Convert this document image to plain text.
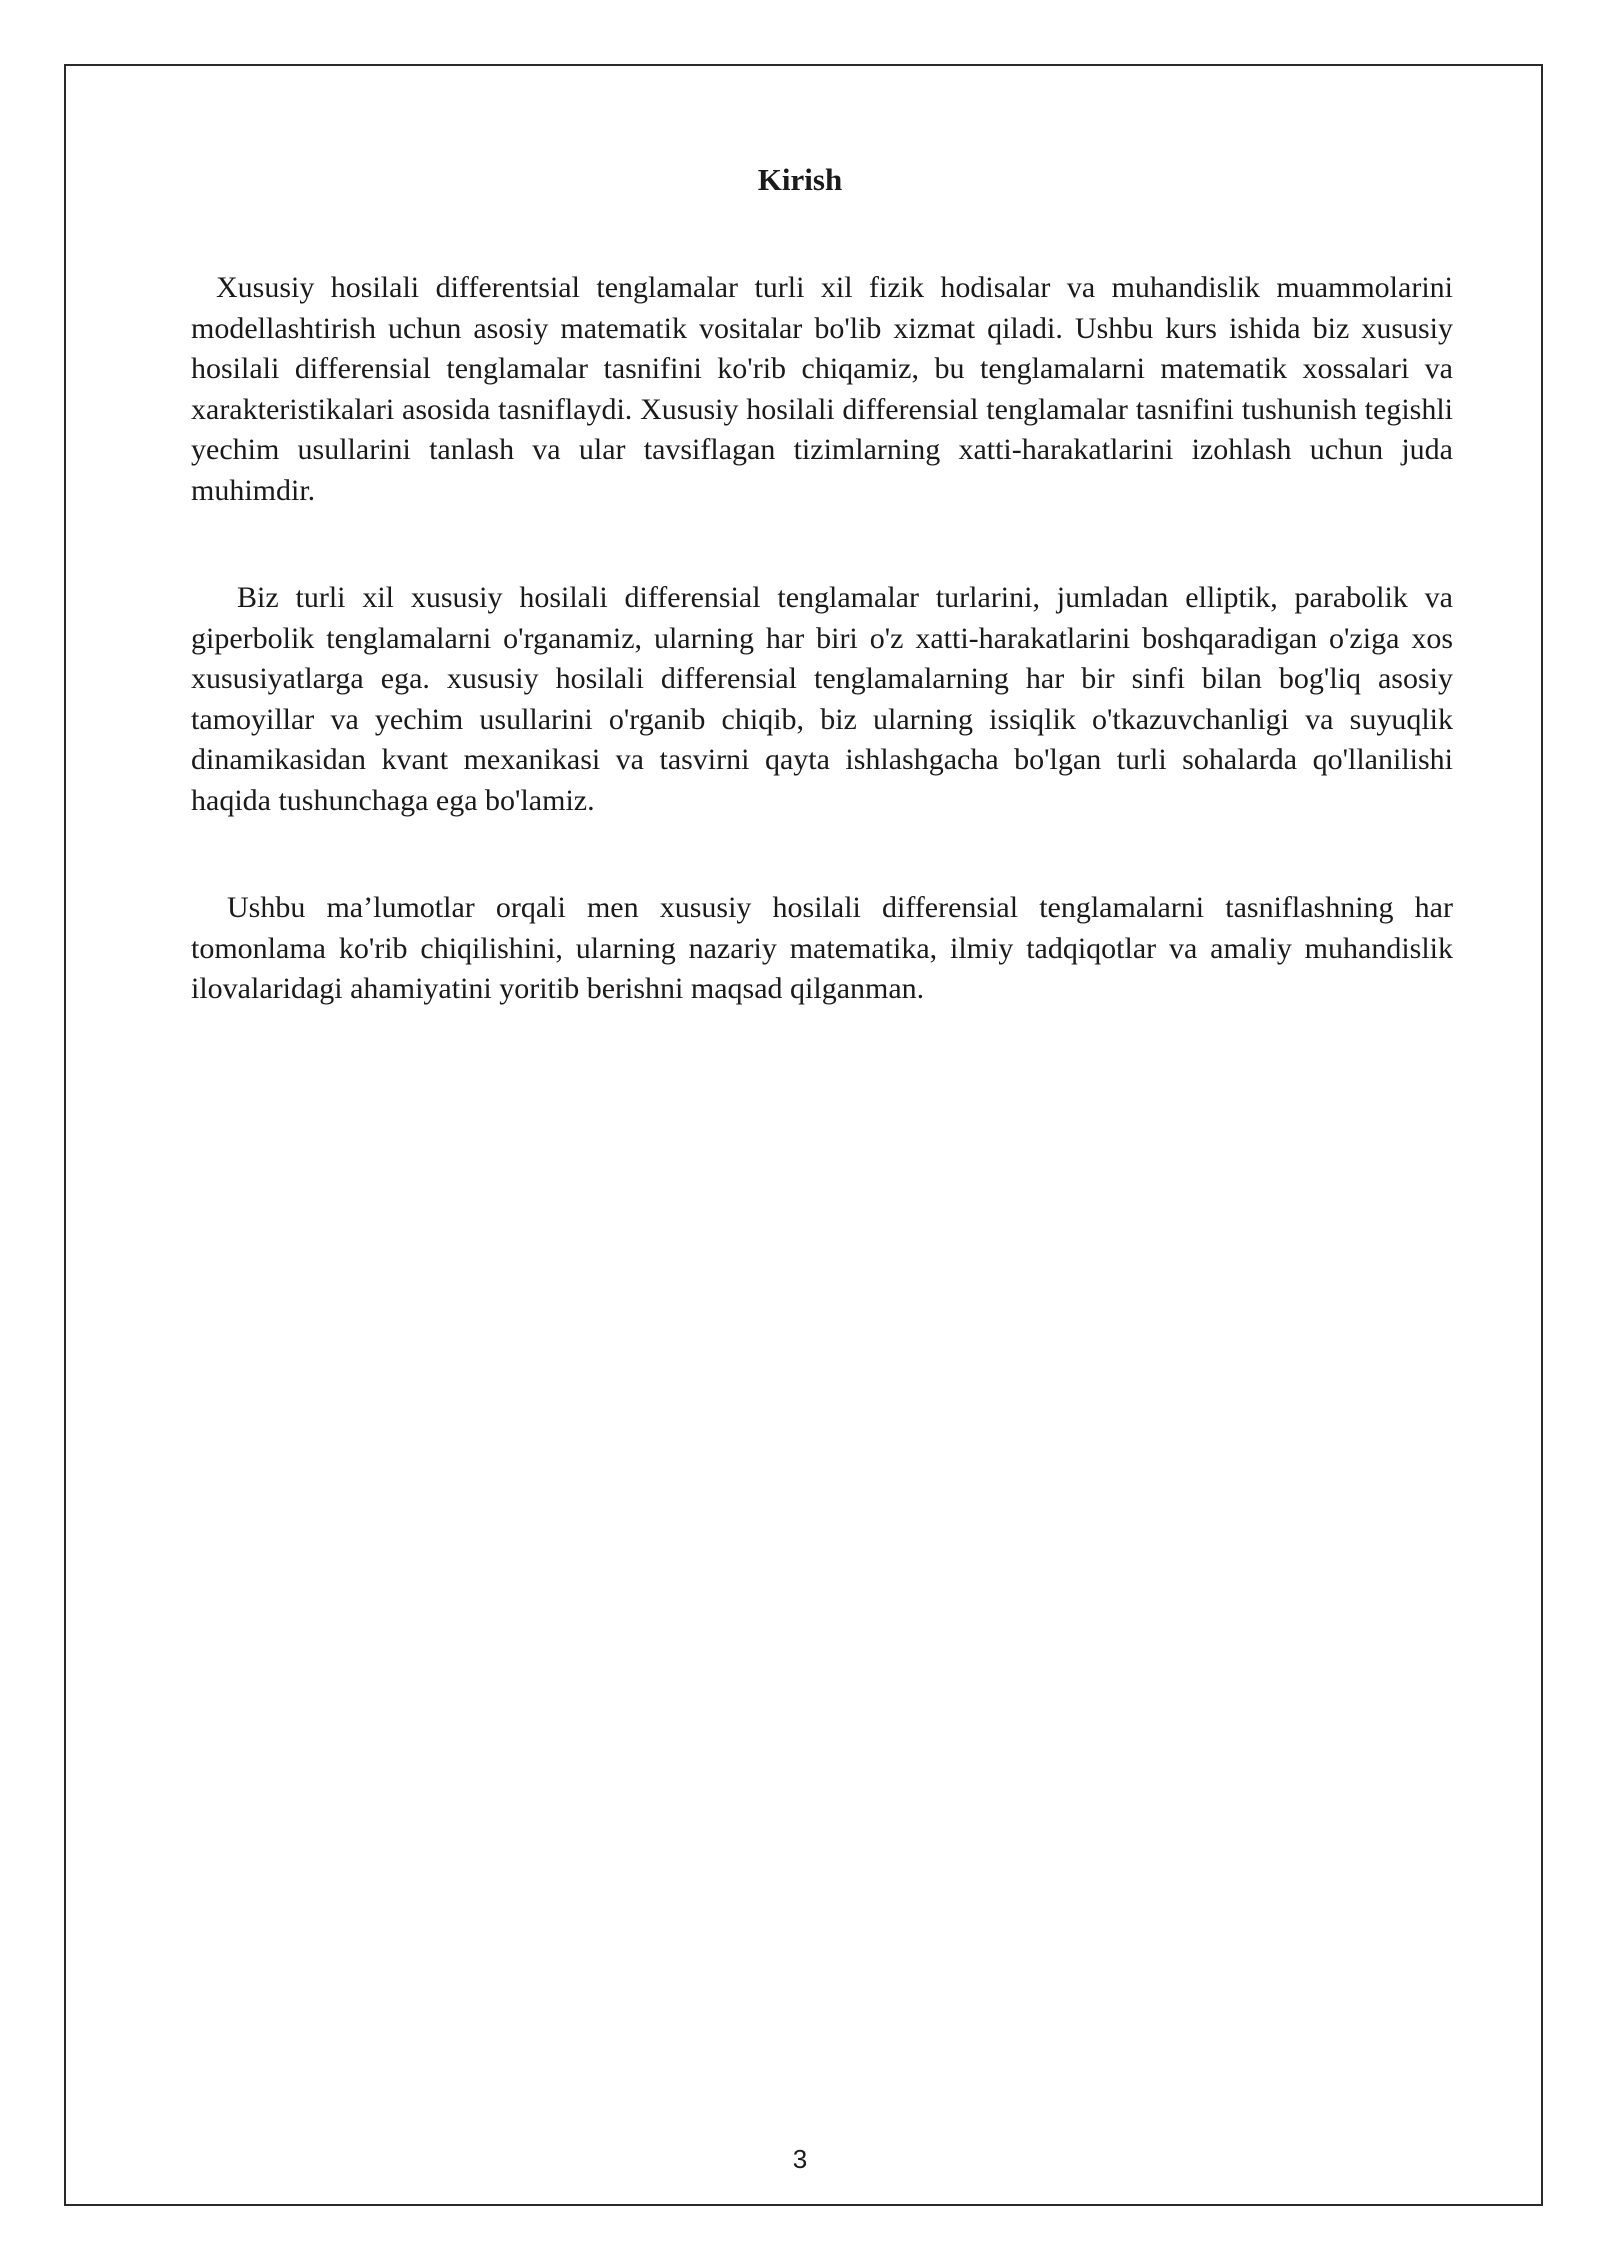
Kirish

Xususiy hosilali differentsial tenglamalar turli xil fizik hodisalar va muhandislik muammolarini modellashtirish uchun asosiy matematik vositalar bo'lib xizmat qiladi. Ushbu kurs ishida biz xususiy hosilali differensial tenglamalar tasnifini ko'rib chiqamiz, bu tenglamalarni matematik xossalari va xarakteristikalari asosida tasniflaydi. Xususiy hosilali differensial tenglamalar tasnifini tushunish tegishli yechim usullarini tanlash va ular tavsiflagan tizimlarning xatti-harakatlarini izohlash uchun juda muhimdir.

Biz turli xil xususiy hosilali differensial tenglamalar turlarini, jumladan elliptik, parabolik va giperbolik tenglamalarni o'rganamiz, ularning har biri o'z xatti-harakatlarini boshqaradigan o'ziga xos xususiyatlarga ega. xususiy hosilali differensial tenglamalarning har bir sinfi bilan bog'liq asosiy tamoyillar va yechim usullarini o'rganib chiqib, biz ularning issiqlik o'tkazuvchanligi va suyuqlik dinamikasidan kvant mexanikasi va tasvirni qayta ishlashgacha bo'lgan turli sohalarda qo'llanilishi haqida tushunchaga ega bo'lamiz.

Ushbu ma’lumotlar orqali men xususiy hosilali differensial tenglamalarni tasniflashning har tomonlama ko'rib chiqilishini, ularning nazariy matematika, ilmiy tadqiqotlar va amaliy muhandislik ilovalaridagi ahamiyatini yoritib berishni maqsad qilganman.

3
